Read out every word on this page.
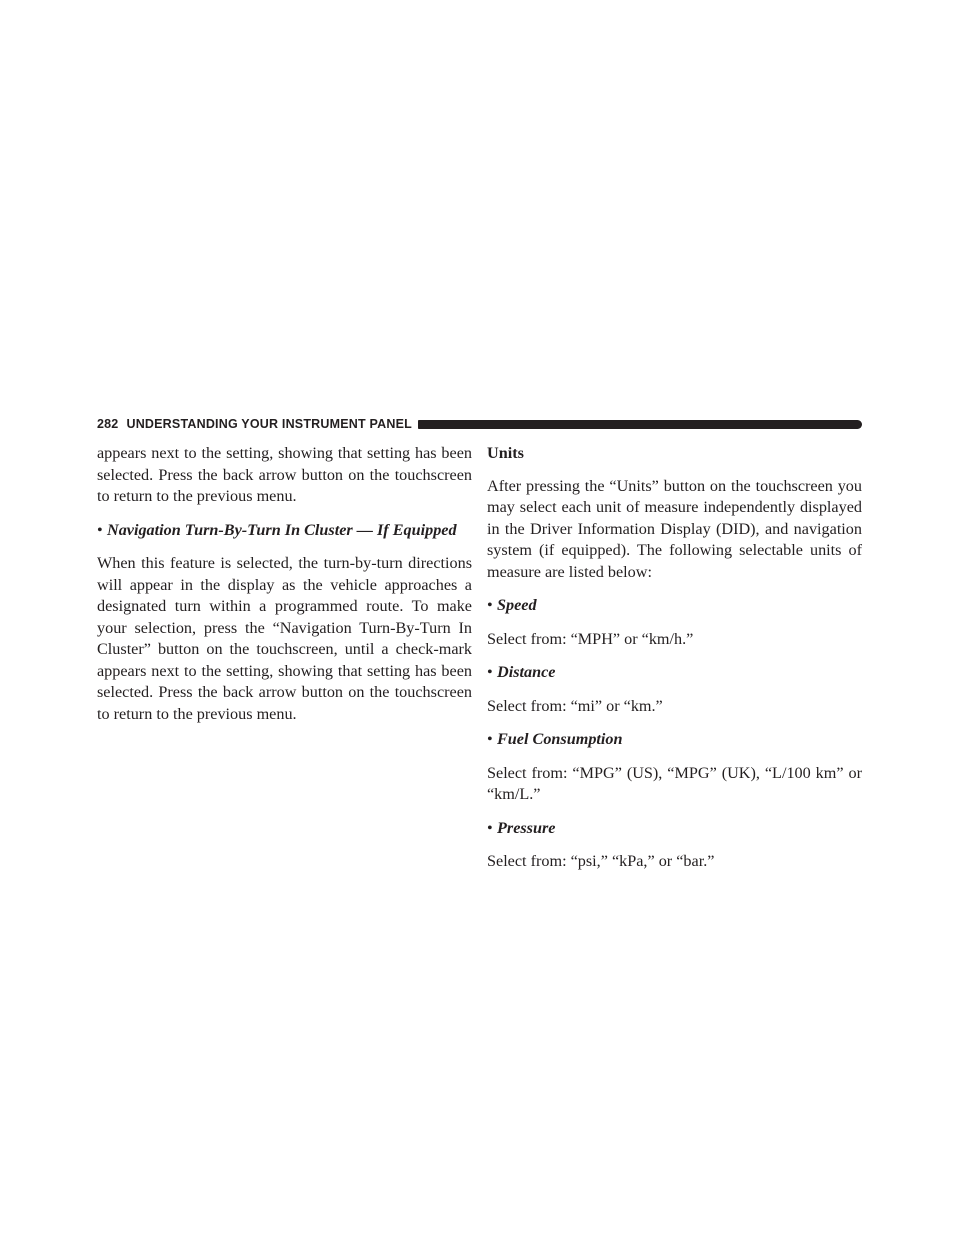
282 UNDERSTANDING YOUR INSTRUMENT PANEL

appears next to the setting, showing that setting has been selected. Press the back arrow button on the touchscreen to return to the previous menu.

• Navigation Turn-By-Turn In Cluster — If Equipped

When this feature is selected, the turn-by-turn directions will appear in the display as the vehicle approaches a designated turn within a programmed route. To make your selection, press the “Navigation Turn-By-Turn In Cluster” button on the touchscreen, until a check-mark appears next to the setting, showing that setting has been selected. Press the back arrow button on the touchscreen to return to the previous menu.

Units

After pressing the “Units” button on the touchscreen you may select each unit of measure independently displayed in the Driver Information Display (DID), and navigation system (if equipped). The following selectable units of measure are listed below:

• Speed

Select from: “MPH” or “km/h.”

• Distance

Select from: “mi” or “km.”

• Fuel Consumption

Select from: “MPG” (US), “MPG” (UK), “L/100 km” or “km/L.”

• Pressure

Select from: “psi,” “kPa,” or “bar.”
